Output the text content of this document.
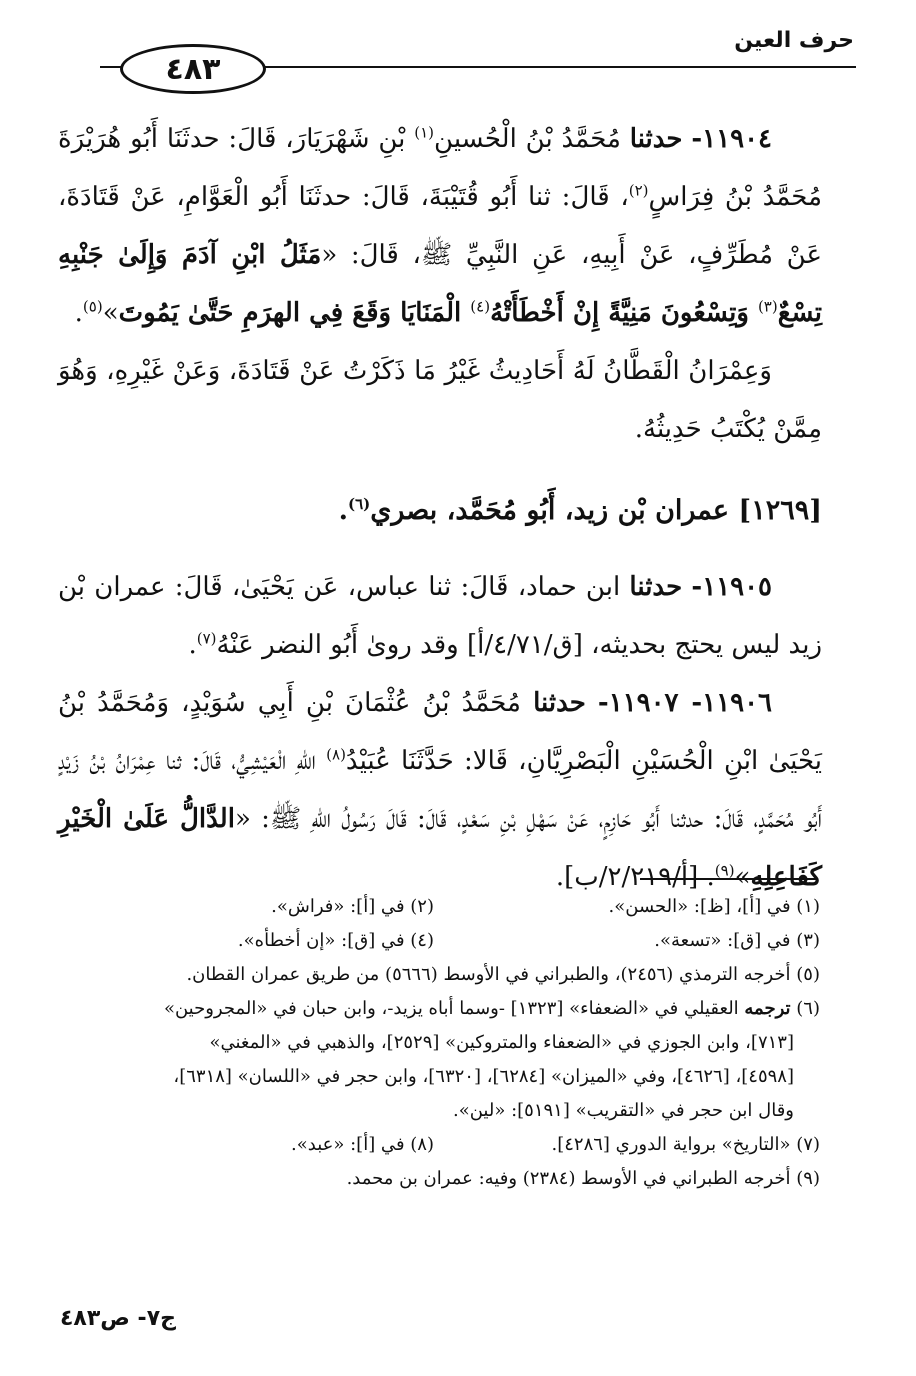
حرف العين
٤٨٣

١١٩٠٤- حدثنا مُحَمَّدُ بْنُ الْحُسينِ$^{(١)}$ بْنِ شَهْرَيَارَ، قَالَ: حدثَنَا أَبُو هُرَيْرَةَ مُحَمَّدُ بْنُ فِرَاسٍ$^{(٢)}$، قَالَ: ثنا أَبُو قُتَيْبَةَ، قَالَ: حدثَنَا أَبُو الْعَوَّامِ، عَنْ قَتَادَةَ، عَنْ مُطَرِّفٍ، عَنْ أَبِيهِ، عَنِ النَّبِيِّ ﷺ، قَالَ: «مَثَلُ ابْنِ آدَمَ وَإِلَىٰ جَنْبِهِ تِسْعٌ$^{(٣)}$ وَتِسْعُونَ مَنِيَّةً إِنْ أَخْطَأَتْهُ$^{(٤)}$ الْمَنَايَا وَقَعَ فِي الهرَمِ حَتَّىٰ يَمُوتَ»$^{(٥)}$.

وَعِمْرَانُ الْقَطَّانُ لَهُ أَحَادِيثُ غَيْرُ مَا ذَكَرْتُ عَنْ قَتَادَةَ، وَعَنْ غَيْرِهِ، وَهُوَ مِمَّنْ يُكْتَبُ حَدِيثُهُ.

[١٢٦٩] عمران بْن زيد، أَبُو مُحَمَّد، بصري$^{(٦)}$.

١١٩٠٥- حدثنا ابن حماد، قَالَ: ثنا عباس، عَن يَحْيَىٰ، قَالَ: عمران بْن زيد ليس يحتج بحديثه، [ق/٤/٧١/أ] وقد روىٰ أَبُو النضر عَنْهُ$^{(٧)}$.

١١٩٠٦- ١١٩٠٧- حدثنا مُحَمَّدُ بْنُ عُثْمَانَ بْنِ أَبِي سُوَيْدٍ، وَمُحَمَّدُ بْنُ يَحْيَىٰ ابْنِ الْحُسَيْنِ الْبَصْرِيَّانِ، قَالا: حَدَّثَنَا عُبَيْدُ$^{(٨)}$ اللهِ الْعَيْشِيُّ، قَالَ: ثنا عِمْرَانُ بْنُ زَيْدٍ أَبُو مُحَمَّدٍ، قَالَ: حدثنا أَبُو حَازِمٍ، عَنْ سَهْلِ بْنِ سَعْدٍ، قَالَ: قَالَ رَسُولُ اللهِ ﷺ: «الدَّالُّ عَلَىٰ الْخَيْرِ كَفَاعِلِهِ»$^{(٩)}$. [أ/٢/٢١٩/ب].

(١) في [أ]، [ظ]: «الحسن».
(٢) في [أ]: «فراش».
(٣) في [ق]: «تسعة».
(٤) في [ق]: «إن أخطأه».
(٥) أخرجه الترمذي (٢٤٥٦)، والطبراني في الأوسط (٥٦٦٦) من طريق عمران القطان.
(٦) ترجمه العقيلي في «الضعفاء» [١٣٢٣] -وسما أباه يزيد-، وابن حبان في «المجروحين»
[٧١٣]، وابن الجوزي في «الضعفاء والمتروكين» [٢٥٢٩]، والذهبي في «المغني»
[٤٥٩٨]، [٤٦٢٦]، وفي «الميزان» [٦٢٨٤]، [٦٣٢٠]، وابن حجر في «اللسان» [٦٣١٨]،
وقال ابن حجر في «التقريب» [٥١٩١]: «لين».
(٧) «التاريخ» برواية الدوري [٤٢٨٦].
(٨) في [أ]: «عبد».
(٩) أخرجه الطبراني في الأوسط (٢٣٨٤) وفيه: عمران بن محمد.
ج٧- ص٤٨٣
